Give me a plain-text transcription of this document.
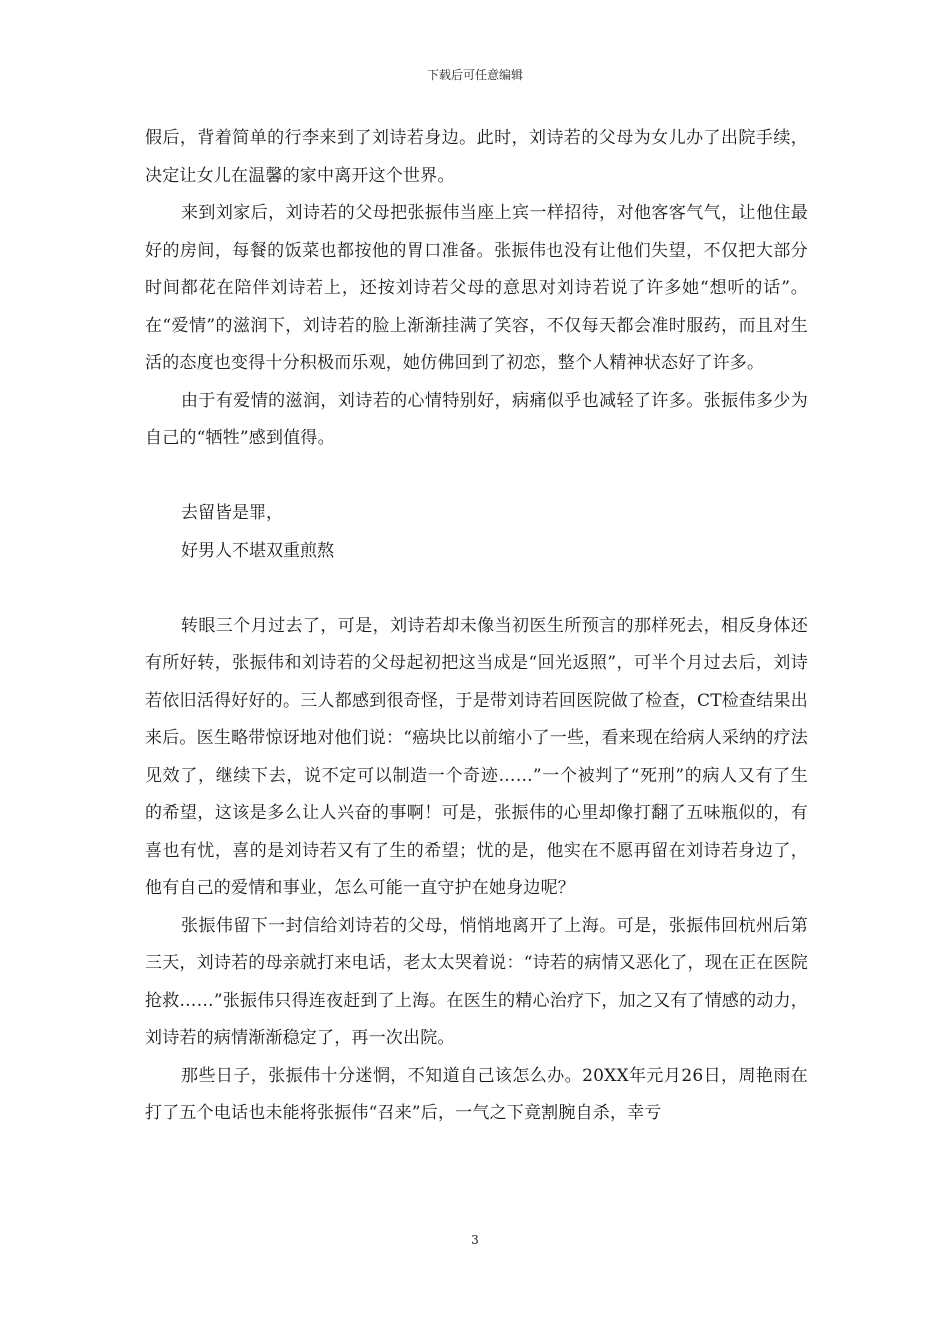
下载后可任意编辑

假后，背着简单的行李来到了刘诗若身边。此时，刘诗若的父母为女儿办了出院手续，决定让女儿在温馨的家中离开这个世界。

来到刘家后，刘诗若的父母把张振伟当座上宾一样招待，对他客客气气，让他住最好的房间，每餐的饭菜也都按他的胃口准备。张振伟也没有让他们失望，不仅把大部分时间都花在陪伴刘诗若上，还按刘诗若父母的意思对刘诗若说了许多她“想听的话”。在“爱情”的滋润下，刘诗若的脸上渐渐挂满了笑容，不仅每天都会准时服药，而且对生活的态度也变得十分积极而乐观，她仿佛回到了初恋，整个人精神状态好了许多。

由于有爱情的滋润，刘诗若的心情特别好，病痛似乎也减轻了许多。张振伟多少为自己的“牺牲”感到值得。

去留皆是罪，

好男人不堪双重煎熬

转眼三个月过去了，可是，刘诗若却未像当初医生所预言的那样死去，相反身体还有所好转，张振伟和刘诗若的父母起初把这当成是“回光返照”，可半个月过去后，刘诗若依旧活得好好的。三人都感到很奇怪，于是带刘诗若回医院做了检查，CT检查结果出来后。医生略带惊讶地对他们说：“癌块比以前缩小了一些，看来现在给病人采纳的疗法见效了，继续下去，说不定可以制造一个奇迹……”一个被判了“死刑”的病人又有了生的希望，这该是多么让人兴奋的事啊！可是，张振伟的心里却像打翻了五味瓶似的，有喜也有忧，喜的是刘诗若又有了生的希望；忧的是，他实在不愿再留在刘诗若身边了，他有自己的爱情和事业，怎么可能一直守护在她身边呢？

张振伟留下一封信给刘诗若的父母，悄悄地离开了上海。可是，张振伟回杭州后第三天，刘诗若的母亲就打来电话，老太太哭着说：“诗若的病情又恶化了，现在正在医院抢救……”张振伟只得连夜赶到了上海。在医生的精心治疗下，加之又有了情感的动力，刘诗若的病情渐渐稳定了，再一次出院。

那些日子，张振伟十分迷惘，不知道自己该怎么办。20XX年元月26日，周艳雨在打了五个电话也未能将张振伟“召来”后，一气之下竟割腕自杀，幸亏

3
